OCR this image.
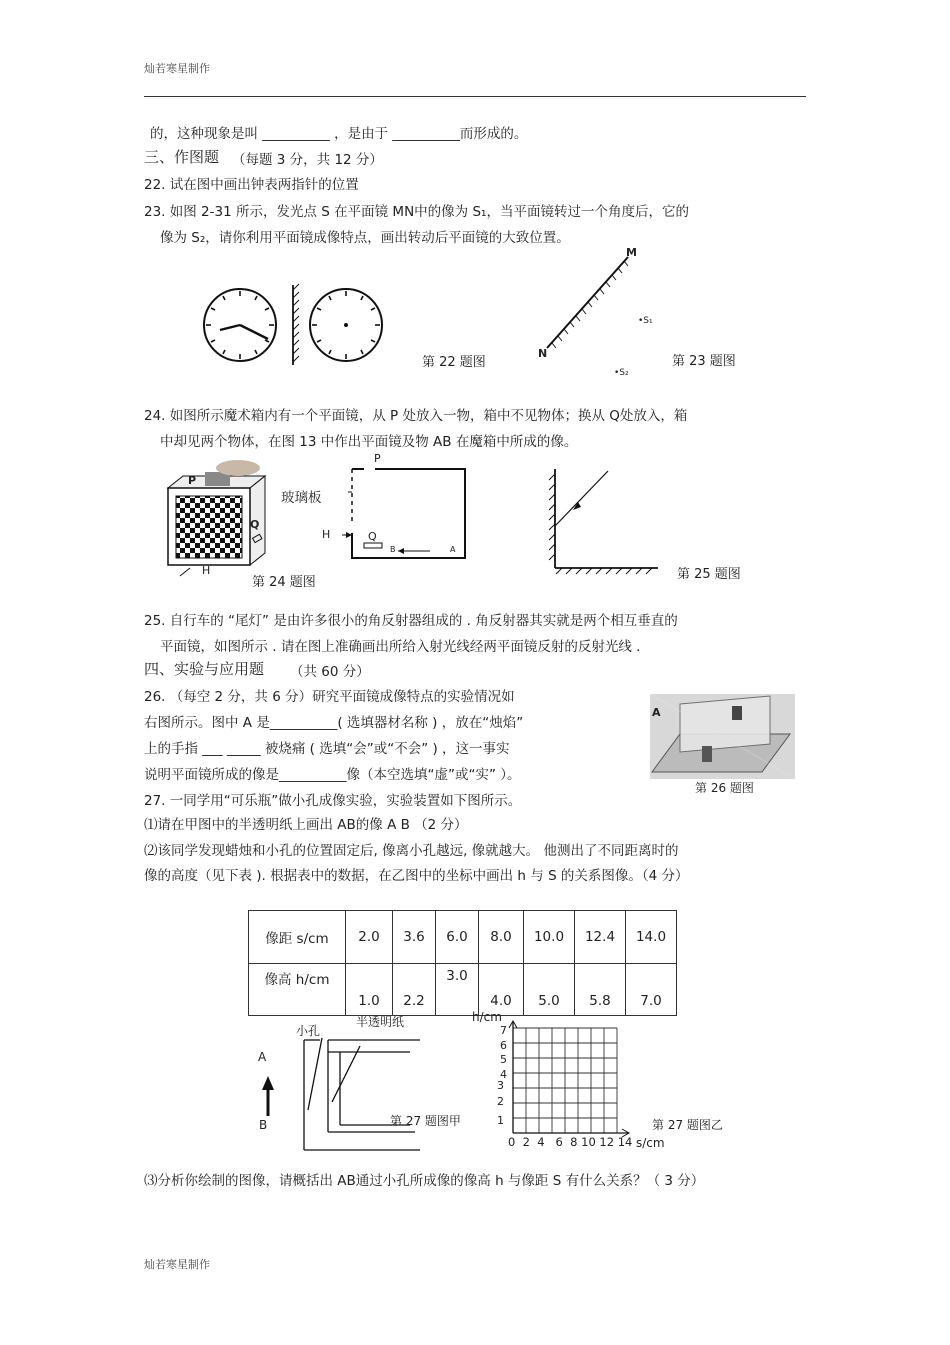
灿若寒星制作
灿若寒星制作
的，这种现象是叫 __________ ，是由于 __________而形成的。
三、作图题 （每题 3 分，共 12 分）
22. 试在图中画出钟表两指针的位置
23. 如图 2-31 所示，发光点 S 在平面镜 MN中的像为 S₁，当平面镜转过一个角度后，它的
像为 S₂，请你利用平面镜成像特点，画出转动后平面镜的大致位置。
第 22 题图
M
N
•S₁
•S₂
第 23 题图
24. 如图所示魔术箱内有一个平面镜，从 P 处放入一物，箱中不见物体；换从 Q处放入，箱
中却见两个物体，在图 13 中作出平面镜及物 AB 在魔箱中所成的像。
P
Q
H
第 24 题图
P
玻璃板
H	Q
B	A
第 25 题图
25. 自行车的 “尾灯” 是由许多很小的角反射器组成的 . 角反射器其实就是两个相互垂直的
平面镜，如图所示 . 请在图上准确画出所给入射光线经两平面镜反射的反射光线 .
四、实验与应用题 （共 60 分）
26. （每空 2 分，共 6 分）研究平面镜成像特点的实验情况如
右图所示。图中 A 是__________( 选填器材名称 ) ，放在“烛焰”
上的手指 ___ _____ 被烧痛 ( 选填“会”或“不会” ) ，这一事实
说明平面镜所成的像是__________像（本空选填“虚”或“实” ）。
A
第 26 题图
27. 一同学用“可乐瓶”做小孔成像实验，实验装置如下图所示。
⑴请在甲图中的半透明纸上画出 AB的像 A B （2 分）
⑵该同学发现蜡烛和小孔的位置固定后, 像离小孔越远, 像就越大。 他测出了不同距离时的
像的高度（见下表 ). 根据表中的数据，在乙图中的坐标中画出 h 与 S 的关系图像。（4 分）
像距 s/cm	2.0	3.6	6.0	8.0	10.0	12.4	14.0
像高 h/cm	1.0	2.2	3.0	4.0	5.0	5.8	7.0
小孔
半透明纸
A
B	第 27 题图甲
h/cm
7
6
5
4
3
2
1
0  2  4   6  8 10 12 14 s/cm
第 27 题图乙
⑶分析你绘制的图像，请概括出 AB通过小孔所成像的像高 h 与像距 S 有什么关系？（ 3 分）
